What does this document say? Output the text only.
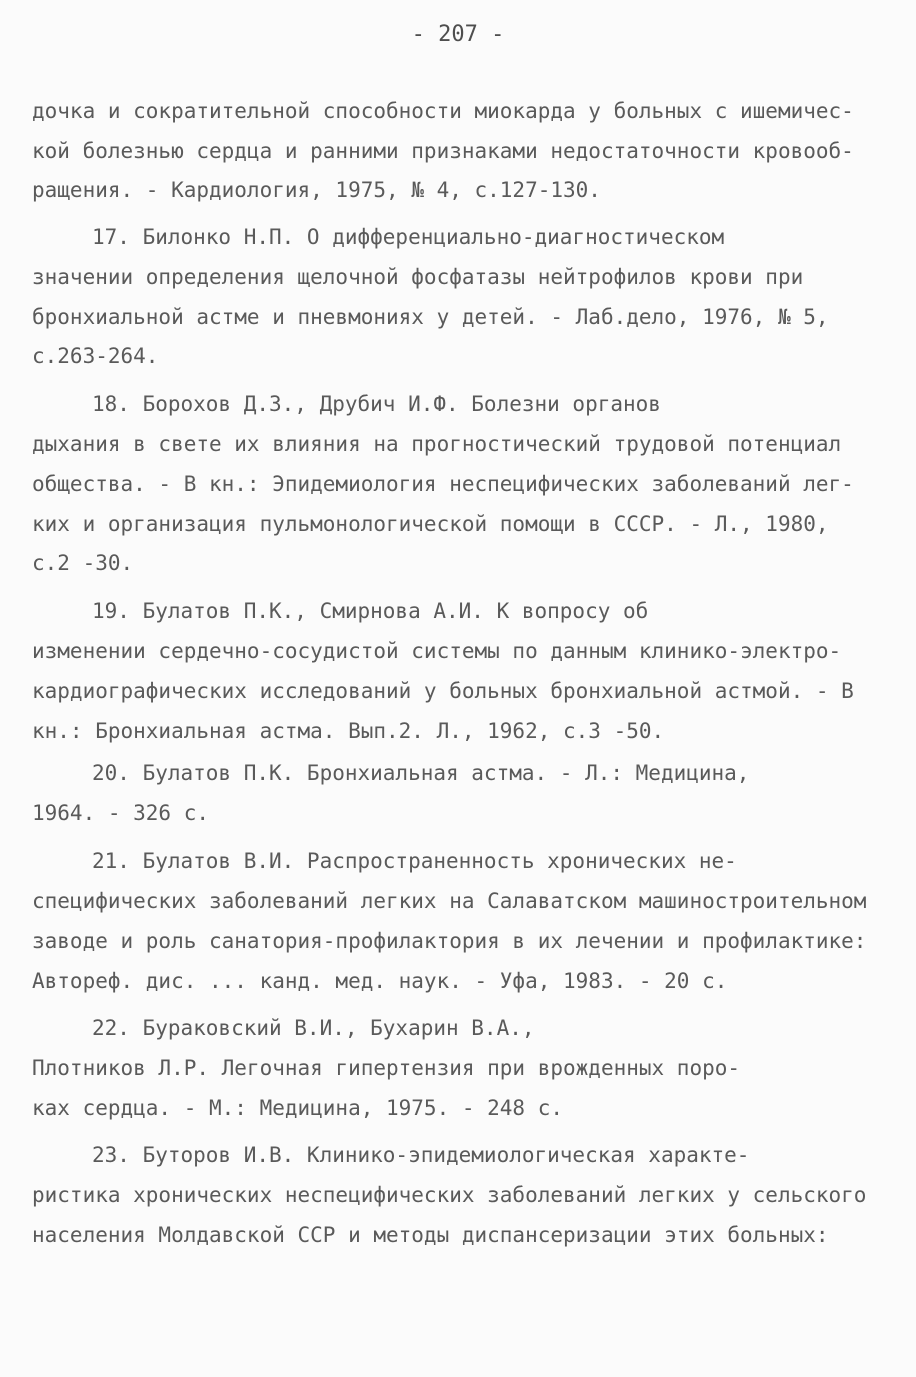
- 207 -
дочка и сократительной способности миокарда у больных с ишемичес-
кой болезнью сердца и ранними признаками недостаточности кровооб-
ращения. - Кардиология, 1975, № 4, с.127-130.
17. Билонко Н.П. О дифференциально-диагностическом
значении определения щелочной фосфатазы нейтрофилов крови при
бронхиальной астме и пневмониях у детей. - Лаб.дело, 1976, № 5,
с.263-264.
18. Борохов Д.З., Друбич И.Ф. Болезни органов
дыхания в свете их влияния на прогностический трудовой потенциал
общества. - В кн.: Эпидемиология неспецифических заболеваний лег-
ких и организация пульмонологической помощи в СССР. - Л., 1980,
с.2 -30.
19. Булатов П.К., Смирнова А.И. К вопросу об
изменении сердечно-сосудистой системы по данным клинико-электро-
кардиографических исследований у больных бронхиальной астмой. - В
кн.: Бронхиальная астма. Вып.2. Л., 1962, с.3 -50.
20. Булатов П.К. Бронхиальная астма. - Л.: Медицина,
1964. - 326 с.
21. Булатов В.И. Распространенность хронических не-
специфических заболеваний легких на Салаватском машиностроительном
заводе и роль санатория-профилактория в их лечении и профилактике:
Автореф. дис. ... канд. мед. наук. - Уфа, 1983. - 20 с.
22. Бураковский В.И., Бухарин В.А.,
Плотников Л.Р. Легочная гипертензия при врожденных поро-
ках сердца. - М.: Медицина, 1975. - 248 с.
23. Буторов И.В. Клинико-эпидемиологическая характе-
ристика хронических неспецифических заболеваний легких у сельского
населения Молдавской ССР и методы диспансеризации этих больных:
